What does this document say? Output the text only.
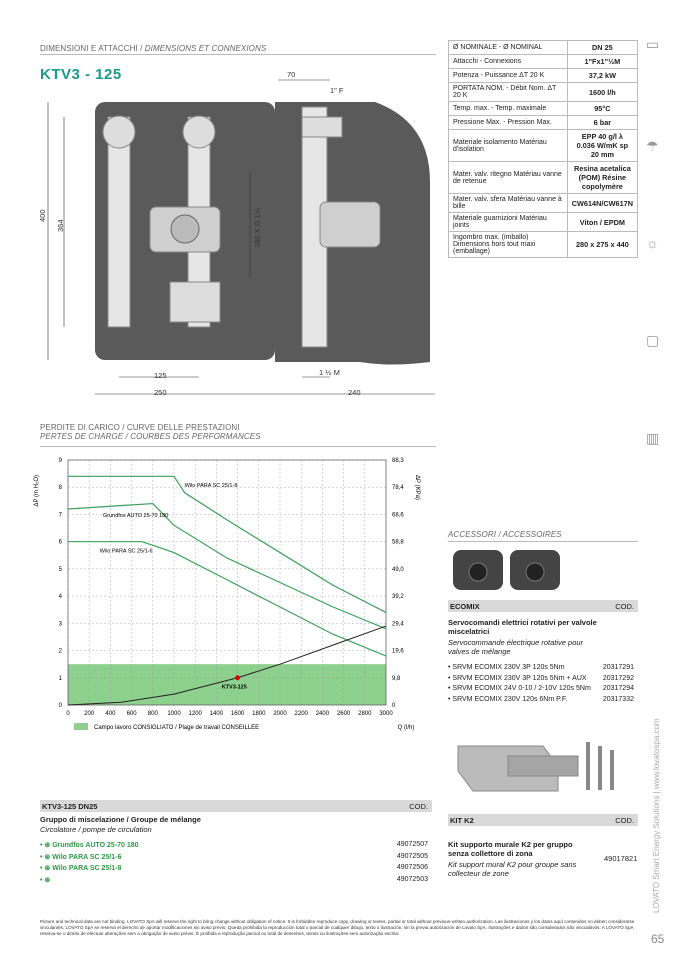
DIMENSIONI E ATTACCHI / DIMENSIONS ET CONNEXIONS
KTV3 - 125	70
1" F
400
364	180 X G 1½
125
250
1 ½ M
240
Ø NOMINALE - Ø NOMINAL	DN 25
Attacchi - Connexions	1"Fx1"½M
Potenza - Puissance ΔT 20 K	37,2 kW
PORTATA NOM. - Débit Nom. ΔT 20 K	1600 l/h
Temp. max. - Temp. maximale	95°C
Pressione Max. - Pression Max.	6 bar
Materiale isolamento Matériau d'isolation	EPP 40 g/l λ 0.036 W/mK sp 20 mm
Mater. valv. ritegno Matériau vanne de retenue	Resina acetalica (POM) Résine copolymère
Mater. valv. sfera Matériau vanne à bille	CW614N/CW617N
Materiale guarnizioni Matériau joints	Viton / EPDM
Ingombro max. (imballo) Dimensions hors tout maxi (emballage)	280 x 275 x 440
PERDITE DI CARICO / CURVE DELLE PRESTAZIONI
PERTES DE CHARGE / COURBES DES PERFORMANCES
0 200 400 600 800 1000 1200 1400 1600 1800 2000 2200 2400 2600 2800 3000
0	0
1	9,8
2	19,6
3	29,4
4	39,2
5	49,0
6	58,8
7	68,6
8	78,4
9	88,3
Wilo PARA SC 25/1-8
Grundfos AUTO 25-70 180
Wilo PARA SC 25/1-6
KTV3-125
ΔP (m H₂O)	ΔP (KPa)
Q (l/h)
Campo lavoro CONSIGLIATO / Plage de travail CONSEILLEE
ACCESSORI / ACCESSOIRES
ECOMIX	COD.
Servocomandi elettrici rotativi per valvole miscelatrici
Servocommande électrique rotative pour valves de mélange
• SRVM ECOMIX 230V 3P 120s 5Nm	20317291
• SRVM ECOMIX 230V 3P 120s 5Nm + AUX 20317292
• SRVM ECOMIX 24V 0-10 / 2-10V 120s 5Nm 20317294
• SRVM ECOMIX 230V 120s 6Nm P.F.	20317332
KIT K2	COD.
Kit supporto murale K2 per gruppo senza collettore di zona
Kit support mural K2 pour groupe sans collecteur de zone
49017821
KTV3-125 DN25	COD.
Gruppo di miscelazione / Groupe de mélange
Circolatore / pompe de circulation
• ⊛ Grundfos AUTO 25-70 180	49072507
• ⊛ Wilo PARA SC 25/1-6	49072505
• ⊛ Wilo PARA SC 25/1-8	49072506
• ⊛	49072503
Picture and technical data are not binding. LOVATO SpA will reserve the right to bring change without obligation of notice. It is forbidden reproduce copy, drawing or textes, partial or total without previous written authorization. Las ilustraciones y los datos aquí contenidos no deben considerarse vinculantes. LOVATO SpA se reserva el derecho de aportar modificaciones sin aviso previo. Queda prohibida la reproducción total o parcial de cualquier dibujo, texto o ilustración, sin la previa autorización de Lovato SpA. Ilustrações e dados são considerados não vinculativos. A LOVATO SpA reserva-se o direito de efectuar alterações sem a obrigação de aviso prévio. É proibida a reprodução parcial ou total de desenhos, textos ou ilustrações sem autorização escrita.	65
LOVATO Smart Energy Solutions | www.lovatospa.com
▭
☂
☼
▢
▥
